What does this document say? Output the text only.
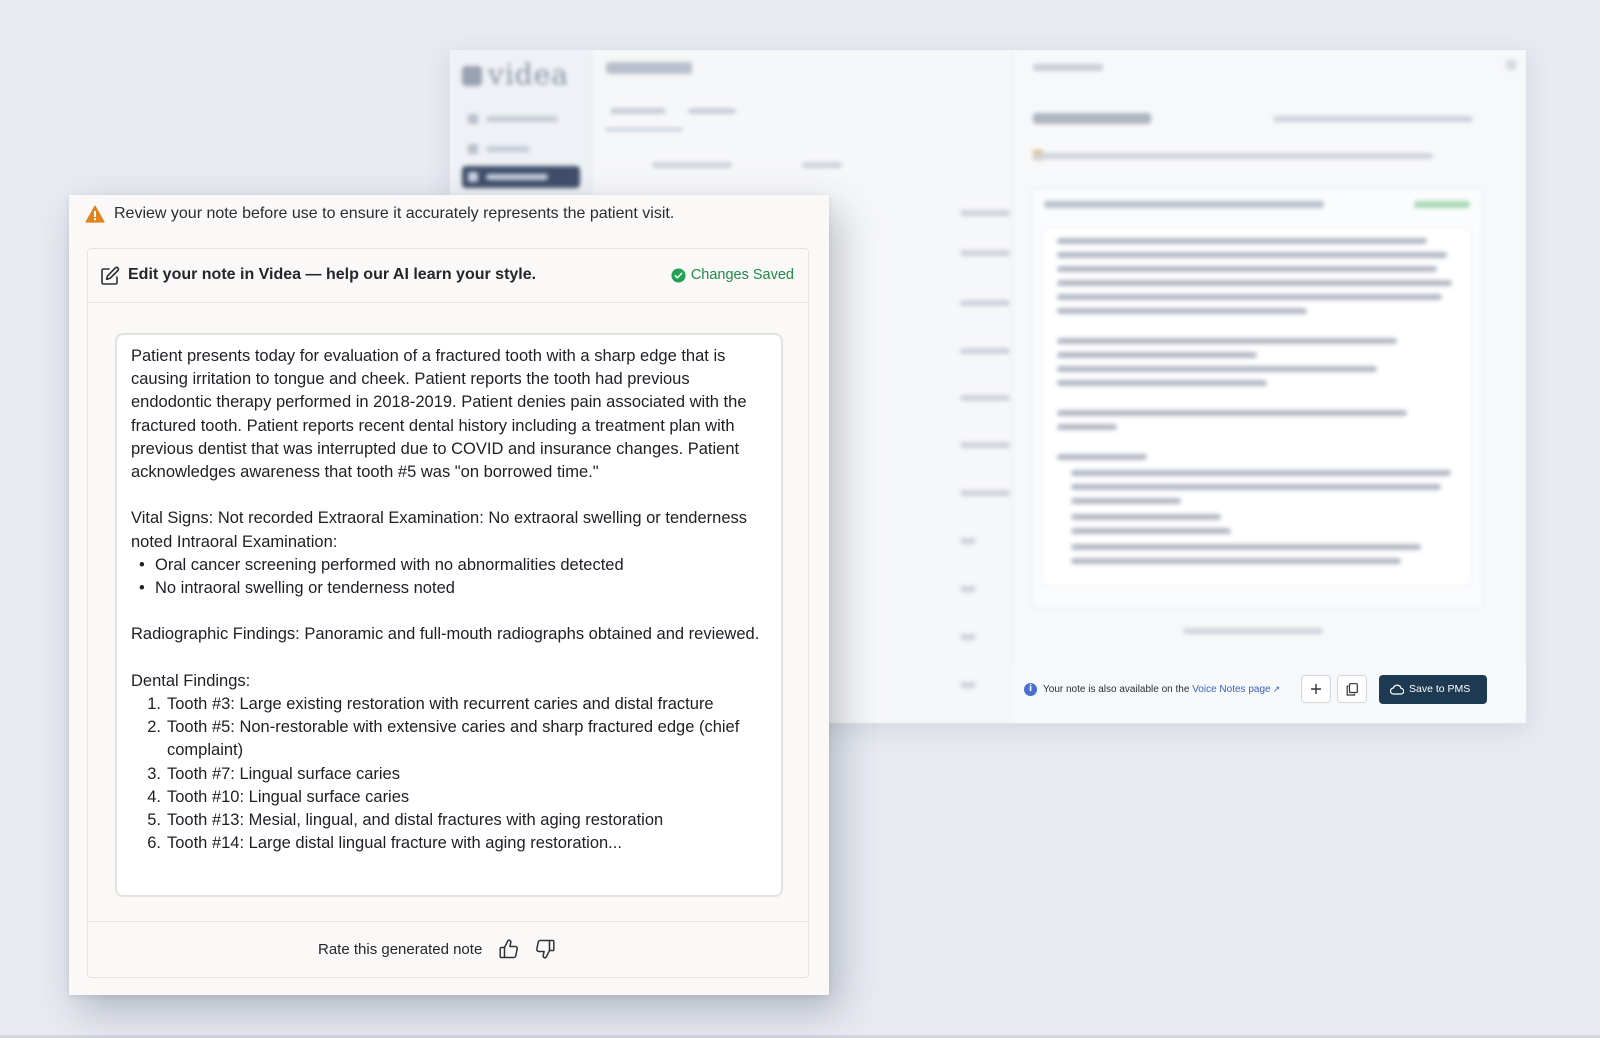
videa
i	Your note is also available on the Voice Notes page ↗	Save to PMS
Review your note before use to ensure it accurately represents the patient visit.
Edit your note in Videa — help our AI learn your style.	Changes Saved

Patient presents today for evaluation of a fractured tooth with a sharp edge that is causing irritation to tongue and cheek. Patient reports the tooth had previous endodontic therapy performed in 2018-2019. Patient denies pain associated with the fractured tooth. Patient reports recent dental history including a treatment plan with previous dentist that was interrupted due to COVID and insurance changes. Patient acknowledges awareness that tooth #5 was "on borrowed time."

Vital Signs: Not recorded Extraoral Examination: No extraoral swelling or tenderness noted Intraoral Examination:

• Oral cancer screening performed with no abnormalities detected
• No intraoral swelling or tenderness noted

Radiographic Findings: Panoramic and full-mouth radiographs obtained and reviewed.

Dental Findings:

1. Tooth #3: Large existing restoration with recurrent caries and distal fracture
2. Tooth #5: Non-restorable with extensive caries and sharp fractured edge (chief complaint)
3. Tooth #7: Lingual surface caries
4. Tooth #10: Lingual surface caries
5. Tooth #13: Mesial, lingual, and distal fractures with aging restoration
6. Tooth #14: Large distal lingual fracture with aging restoration...
Rate this generated note
